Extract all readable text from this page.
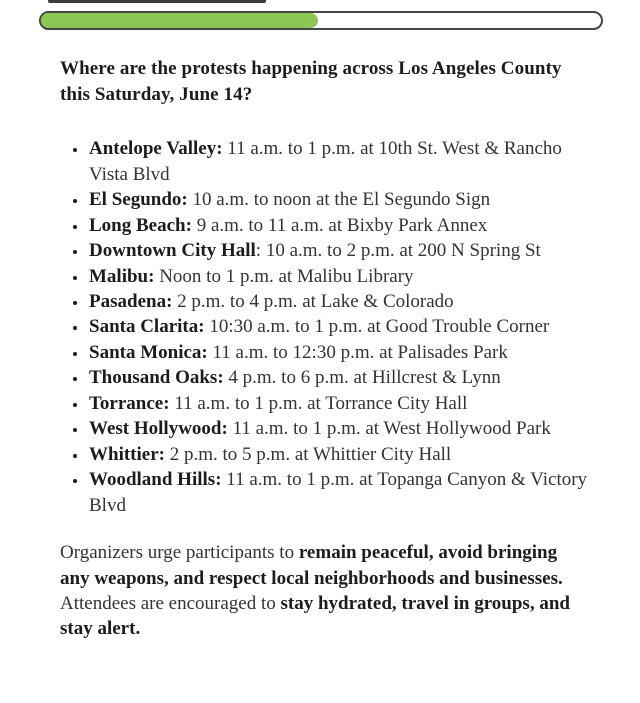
Where are the protests happening across Los Angeles County this Saturday, June 14?
• Antelope Valley: 11 a.m. to 1 p.m. at 10th St. West & Rancho Vista Blvd
• El Segundo: 10 a.m. to noon at the El Segundo Sign
• Long Beach: 9 a.m. to 11 a.m. at Bixby Park Annex
• Downtown City Hall: 10 a.m. to 2 p.m. at 200 N Spring St
• Malibu: Noon to 1 p.m. at Malibu Library
• Pasadena: 2 p.m. to 4 p.m. at Lake & Colorado
• Santa Clarita: 10:30 a.m. to 1 p.m. at Good Trouble Corner
• Santa Monica: 11 a.m. to 12:30 p.m. at Palisades Park
• Thousand Oaks: 4 p.m. to 6 p.m. at Hillcrest & Lynn
• Torrance: 11 a.m. to 1 p.m. at Torrance City Hall
• West Hollywood: 11 a.m. to 1 p.m. at West Hollywood Park
• Whittier: 2 p.m. to 5 p.m. at Whittier City Hall
• Woodland Hills: 11 a.m. to 1 p.m. at Topanga Canyon & Victory Blvd

Organizers urge participants to remain peaceful, avoid bringing any weapons, and respect local neighborhoods and businesses. Attendees are encouraged to stay hydrated, travel in groups, and stay alert.
